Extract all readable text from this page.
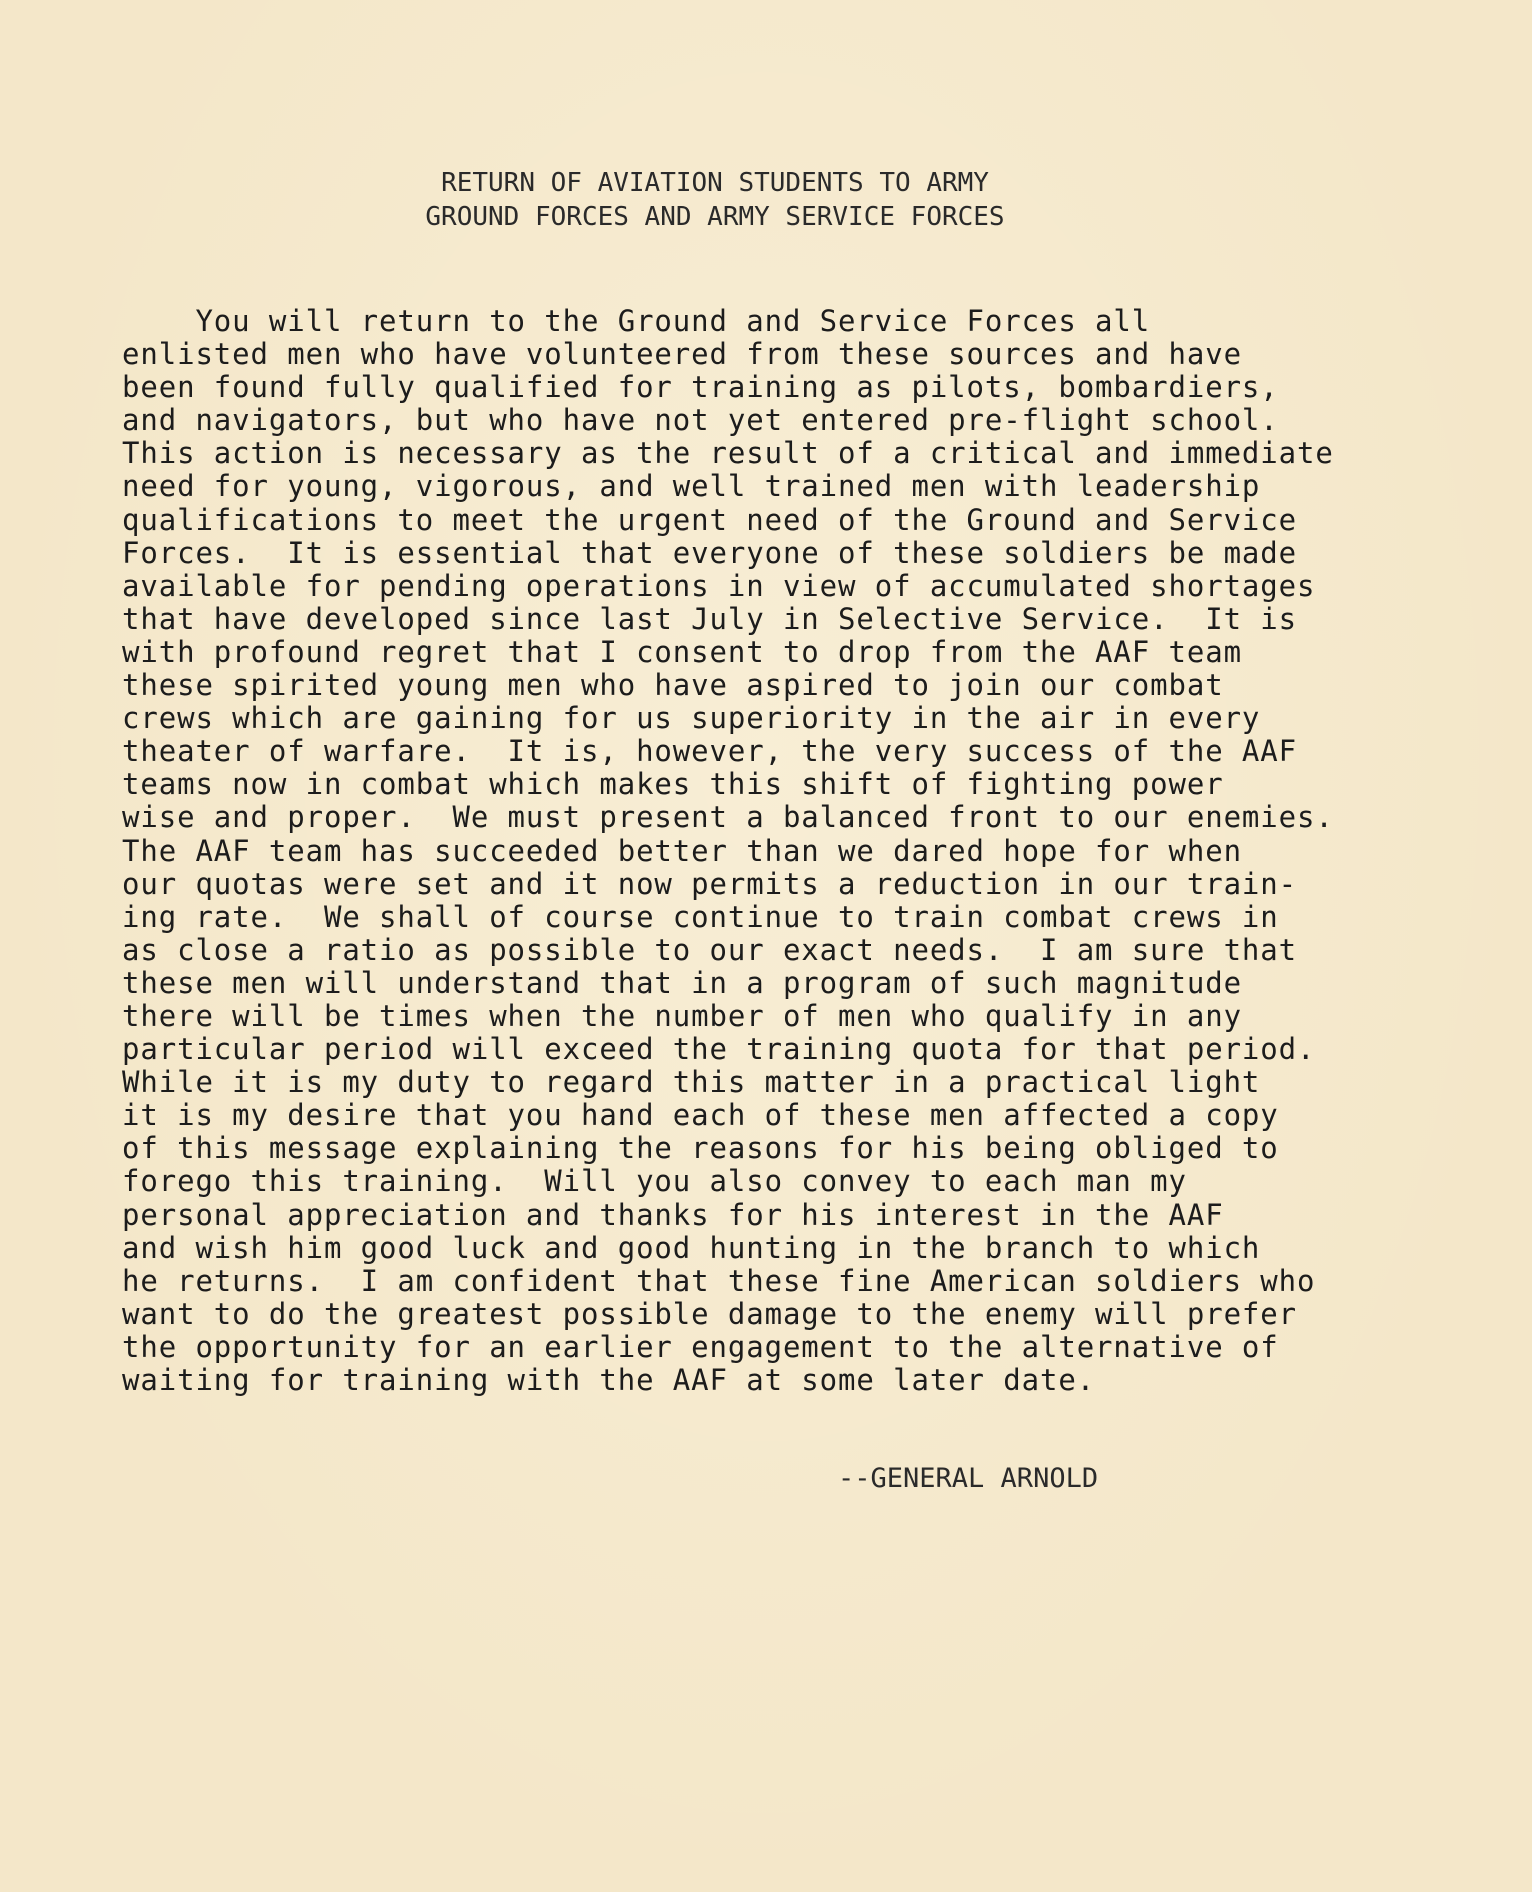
RETURN OF AVIATION STUDENTS TO ARMY
GROUND FORCES AND ARMY SERVICE FORCES
You will return to the Ground and Service Forces all
enlisted men who have volunteered from these sources and have
been found fully qualified for training as pilots, bombardiers,
and navigators, but who have not yet entered pre-flight school.
This action is necessary as the result of a critical and immediate
need for young, vigorous, and well trained men with leadership
qualifications to meet the urgent need of the Ground and Service
Forces.  It is essential that everyone of these soldiers be made
available for pending operations in view of accumulated shortages
that have developed since last July in Selective Service.  It is
with profound regret that I consent to drop from the AAF team
these spirited young men who have aspired to join our combat
crews which are gaining for us superiority in the air in every
theater of warfare.  It is, however, the very success of the AAF
teams now in combat which makes this shift of fighting power
wise and proper.  We must present a balanced front to our enemies.
The AAF team has succeeded better than we dared hope for when
our quotas were set and it now permits a reduction in our train-
ing rate.  We shall of course continue to train combat crews in
as close a ratio as possible to our exact needs.  I am sure that
these men will understand that in a program of such magnitude
there will be times when the number of men who qualify in any
particular period will exceed the training quota for that period.
While it is my duty to regard this matter in a practical light
it is my desire that you hand each of these men affected a copy
of this message explaining the reasons for his being obliged to
forego this training.  Will you also convey to each man my
personal appreciation and thanks for his interest in the AAF
and wish him good luck and good hunting in the branch to which
he returns.  I am confident that these fine American soldiers who
want to do the greatest possible damage to the enemy will prefer
the opportunity for an earlier engagement to the alternative of
waiting for training with the AAF at some later date.
--GENERAL ARNOLD
